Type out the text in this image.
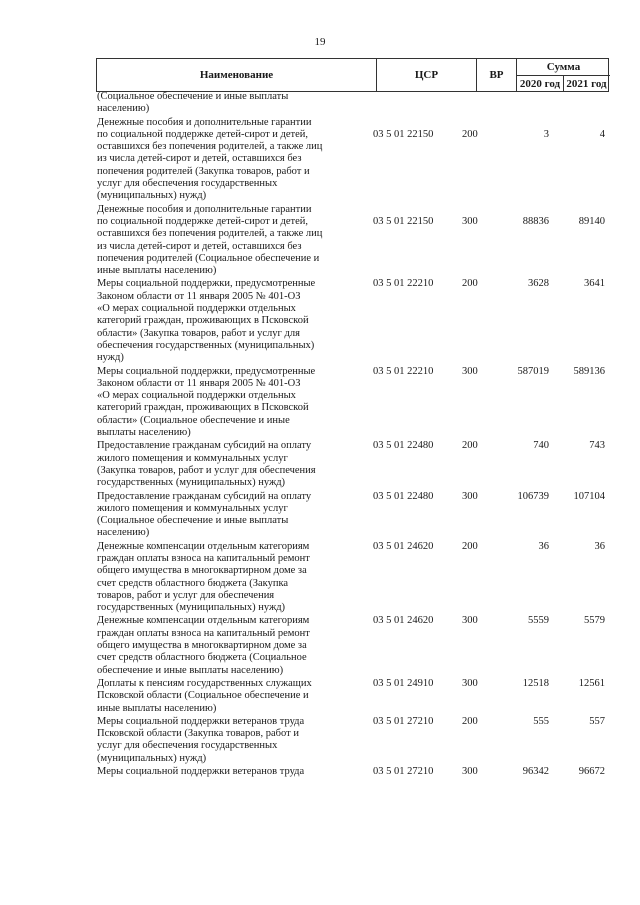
19
Наименование	ЦСР	ВР
Сумма
2020 год 2021 год
(Социальное обеспечение и иные выплаты
населению)
Денежные пособия и дополнительные гарантии
по социальной поддержке детей-сирот и детей,
оставшихся без попечения родителей, а также лиц
из числа детей-сирот и детей, оставшихся без
попечения родителей (Закупка товаров, работ и
услуг для обеспечения государственных
(муниципальных) нужд)
03 5 01 22150	200	3	4
Денежные пособия и дополнительные гарантии
по социальной поддержке детей-сирот и детей,
оставшихся без попечения родителей, а также лиц
из числа детей-сирот и детей, оставшихся без
попечения родителей (Социальное обеспечение и
иные выплаты населению)
03 5 01 22150	300	88836	89140
Меры социальной поддержки, предусмотренные
Законом области от 11 января 2005 № 401-ОЗ
«О мерах социальной поддержки отдельных
категорий граждан, проживающих в Псковской
области» (Закупка товаров, работ и услуг для
обеспечения государственных (муниципальных)
нужд)
03 5 01 22210	200	3628	3641
Меры социальной поддержки, предусмотренные
Законом области от 11 января 2005 № 401-ОЗ
«О мерах социальной поддержки отдельных
категорий граждан, проживающих в Псковской
области» (Социальное обеспечение и иные
выплаты населению)
03 5 01 22210	300	587019	589136
Предоставление гражданам субсидий на оплату
жилого помещения и коммунальных услуг
(Закупка товаров, работ и услуг для обеспечения
государственных (муниципальных) нужд)
03 5 01 22480	200	740	743
Предоставление гражданам субсидий на оплату
жилого помещения и коммунальных услуг
(Социальное обеспечение и иные выплаты
населению)
03 5 01 22480	300	106739	107104
Денежные компенсации отдельным категориям
граждан оплаты взноса на капитальный ремонт
общего имущества в многоквартирном доме за
счет средств областного бюджета (Закупка
товаров, работ и услуг для обеспечения
государственных (муниципальных) нужд)
03 5 01 24620	200	36	36
Денежные компенсации отдельным категориям
граждан оплаты взноса на капитальный ремонт
общего имущества в многоквартирном доме за
счет средств областного бюджета (Социальное
обеспечение и иные выплаты населению)
03 5 01 24620	300	5559	5579
Доплаты к пенсиям государственных служащих
Псковской области (Социальное обеспечение и
иные выплаты населению)
03 5 01 24910	300	12518	12561
Меры социальной поддержки ветеранов труда
Псковской области (Закупка товаров, работ и
услуг для обеспечения государственных
(муниципальных) нужд)
03 5 01 27210	200	555	557
Меры социальной поддержки ветеранов труда	03 5 01 27210	300	96342	96672
